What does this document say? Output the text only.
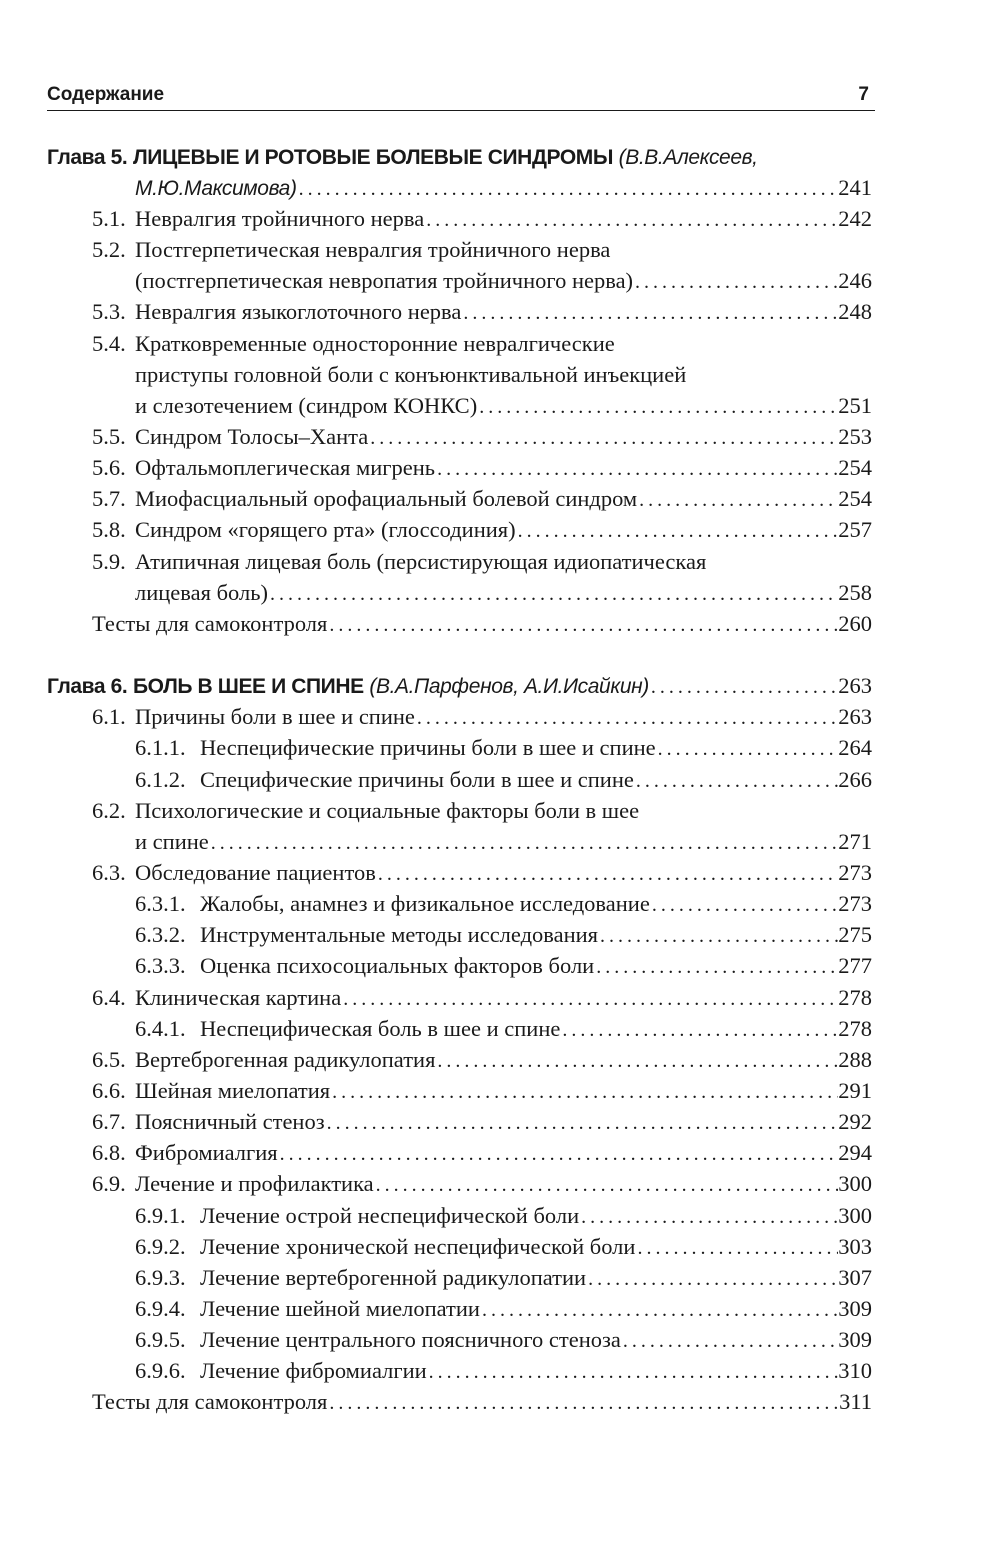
Содержание	7
Глава 5. ЛИЦЕВЫЕ И РОТОВЫЕ БОЛЕВЫЕ СИНДРОМЫ (В.В.Алексеев,
М.Ю.Максимова) . . .	241
5.1. Невралгия тройничного нерва . . .	242
5.2. Постгерпетическая невралгия тройничного нерва
(постгерпетическая невропатия тройничного нерва) . . .	246
5.3. Невралгия языкоглоточного нерва . . .	248
5.4. Кратковременные односторонние невралгические
приступы головной боли с конъюнктивальной инъекцией
и слезотечением (синдром КОНКС) . . .	251
5.5. Синдром Толосы–Ханта . . .	253
5.6. Офтальмоплегическая мигрень . . .	254
5.7. Миофасциальный орофациальный болевой синдром . . .	254
5.8. Синдром «горящего рта» (глоссодиния) . . .	257
5.9. Атипичная лицевая боль (персистирующая идиопатическая
лицевая боль) . . .	258
Тесты для самоконтроля . . .	260
Глава 6. БОЛЬ В ШЕЕ И СПИНЕ (В.А.Парфенов, А.И.Исайкин) . . .	263
6.1. Причины боли в шее и спине . . .	263
6.1.1. Неспецифические причины боли в шее и спине . . .	264
6.1.2. Специфические причины боли в шее и спине . . .	266
6.2. Психологические и социальные факторы боли в шее
и спине . . .	271
6.3. Обследование пациентов . . .	273
6.3.1. Жалобы, анамнез и физикальное исследование . . .	273
6.3.2. Инструментальные методы исследования . . .	275
6.3.3. Оценка психосоциальных факторов боли . . .	277
6.4. Клиническая картина . . .	278
6.4.1. Неспецифическая боль в шее и спине . . .	278
6.5. Вертеброгенная радикулопатия . . .	288
6.6. Шейная миелопатия . . .	291
6.7. Поясничный стеноз . . .	292
6.8. Фибромиалгия . . .	294
6.9. Лечение и профилактика . . .	300
6.9.1. Лечение острой неспецифической боли . . .	300
6.9.2. Лечение хронической неспецифической боли . . .	303
6.9.3. Лечение вертеброгенной радикулопатии . . .	307
6.9.4. Лечение шейной миелопатии . . .	309
6.9.5. Лечение центрального поясничного стеноза . . .	309
6.9.6. Лечение фибромиалгии . . .	310
Тесты для самоконтроля . . .	311
